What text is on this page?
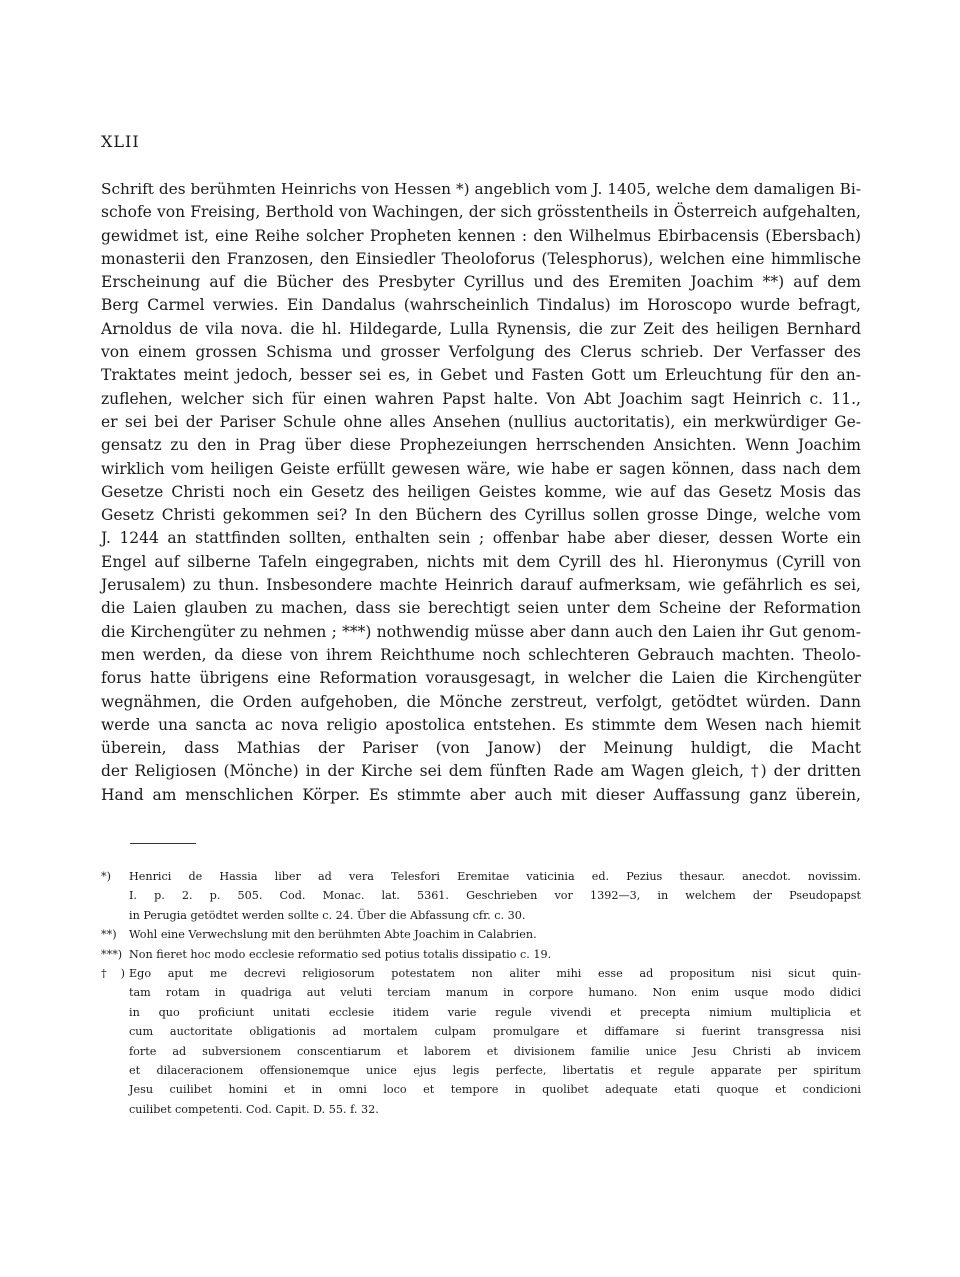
XLII
Schrift des berühmten Heinrichs von Hessen *) angeblich vom J. 1405, welche dem damaligen Bi-
schofe von Freising, Berthold von Wachingen, der sich grösstentheils in Österreich aufgehalten,
gewidmet ist, eine Reihe solcher Propheten kennen : den Wilhelmus Ebirbacensis (Ebersbach)
monasterii den Franzosen, den Einsiedler Theoloforus (Telesphorus), welchen eine himmlische
Erscheinung auf die Bücher des Presbyter Cyrillus und des Eremiten Joachim **) auf dem
Berg Carmel verwies. Ein Dandalus (wahrscheinlich Tindalus) im Horoscopo wurde befragt,
Arnoldus de vila nova. die hl. Hildegarde, Lulla Rynensis, die zur Zeit des heiligen Bernhard
von einem grossen Schisma und grosser Verfolgung des Clerus schrieb. Der Verfasser des
Traktates meint jedoch, besser sei es, in Gebet und Fasten Gott um Erleuchtung für den an-
zuflehen, welcher sich für einen wahren Papst halte. Von Abt Joachim sagt Heinrich c. 11.,
er sei bei der Pariser Schule ohne alles Ansehen (nullius auctoritatis), ein merkwürdiger Ge-
gensatz zu den in Prag über diese Prophezeiungen herrschenden Ansichten. Wenn Joachim
wirklich vom heiligen Geiste erfüllt gewesen wäre, wie habe er sagen können, dass nach dem
Gesetze Christi noch ein Gesetz des heiligen Geistes komme, wie auf das Gesetz Mosis das
Gesetz Christi gekommen sei? In den Büchern des Cyrillus sollen grosse Dinge, welche vom
J. 1244 an stattfinden sollten, enthalten sein ; offenbar habe aber dieser, dessen Worte ein
Engel auf silberne Tafeln eingegraben, nichts mit dem Cyrill des hl. Hieronymus (Cyrill von
Jerusalem) zu thun. Insbesondere machte Heinrich darauf aufmerksam, wie gefährlich es sei,
die Laien glauben zu machen, dass sie berechtigt seien unter dem Scheine der Reformation
die Kirchengüter zu nehmen ; ***) nothwendig müsse aber dann auch den Laien ihr Gut genom-
men werden, da diese von ihrem Reichthume noch schlechteren Gebrauch machten. Theolo-
forus hatte übrigens eine Reformation vorausgesagt, in welcher die Laien die Kirchengüter
wegnähmen, die Orden aufgehoben, die Mönche zerstreut, verfolgt, getödtet würden. Dann
werde una sancta ac nova religio apostolica entstehen. Es stimmte dem Wesen nach hiemit
überein, dass Mathias der Pariser (von Janow) der Meinung huldigt, die Macht
der Religiosen (Mönche) in der Kirche sei dem fünften Rade am Wagen gleich, †) der dritten
Hand am menschlichen Körper. Es stimmte aber auch mit dieser Auffassung ganz überein,
*)	Henrici de Hassia liber ad vera Telesfori Eremitae vaticinia ed. Pezius thesaur. anecdot. novissim.
I. p. 2. p. 505. Cod. Monac. lat. 5361. Geschrieben vor 1392—3, in welchem der Pseudopapst
in Perugia getödtet werden sollte c. 24. Über die Abfassung cfr. c. 30.
**)	Wohl eine Verwechslung mit den berühmten Abte Joachim in Calabrien.
***) Non fieret hoc modo ecclesie reformatio sed potius totalis dissipatio c. 19.
†) Ego aput me decrevi religiosorum potestatem non aliter mihi esse ad propositum nisi sicut quin-
tam rotam in quadriga aut veluti terciam manum in corpore humano. Non enim usque modo didici
in quo proficiunt unitati ecclesie itidem varie regule vivendi et precepta nimium multiplicia et
cum auctoritate obligationis ad mortalem culpam promulgare et diffamare si fuerint transgressa nisi
forte ad subversionem conscentiarum et laborem et divisionem familie unice Jesu Christi ab invicem
et dilaceracionem offensionemque unice ejus legis perfecte, libertatis et regule apparate per spiritum
Jesu cuilibet homini et in omni loco et tempore in quolibet adequate etati quoque et condicioni
cuilibet competenti. Cod. Capit. D. 55. f. 32.
